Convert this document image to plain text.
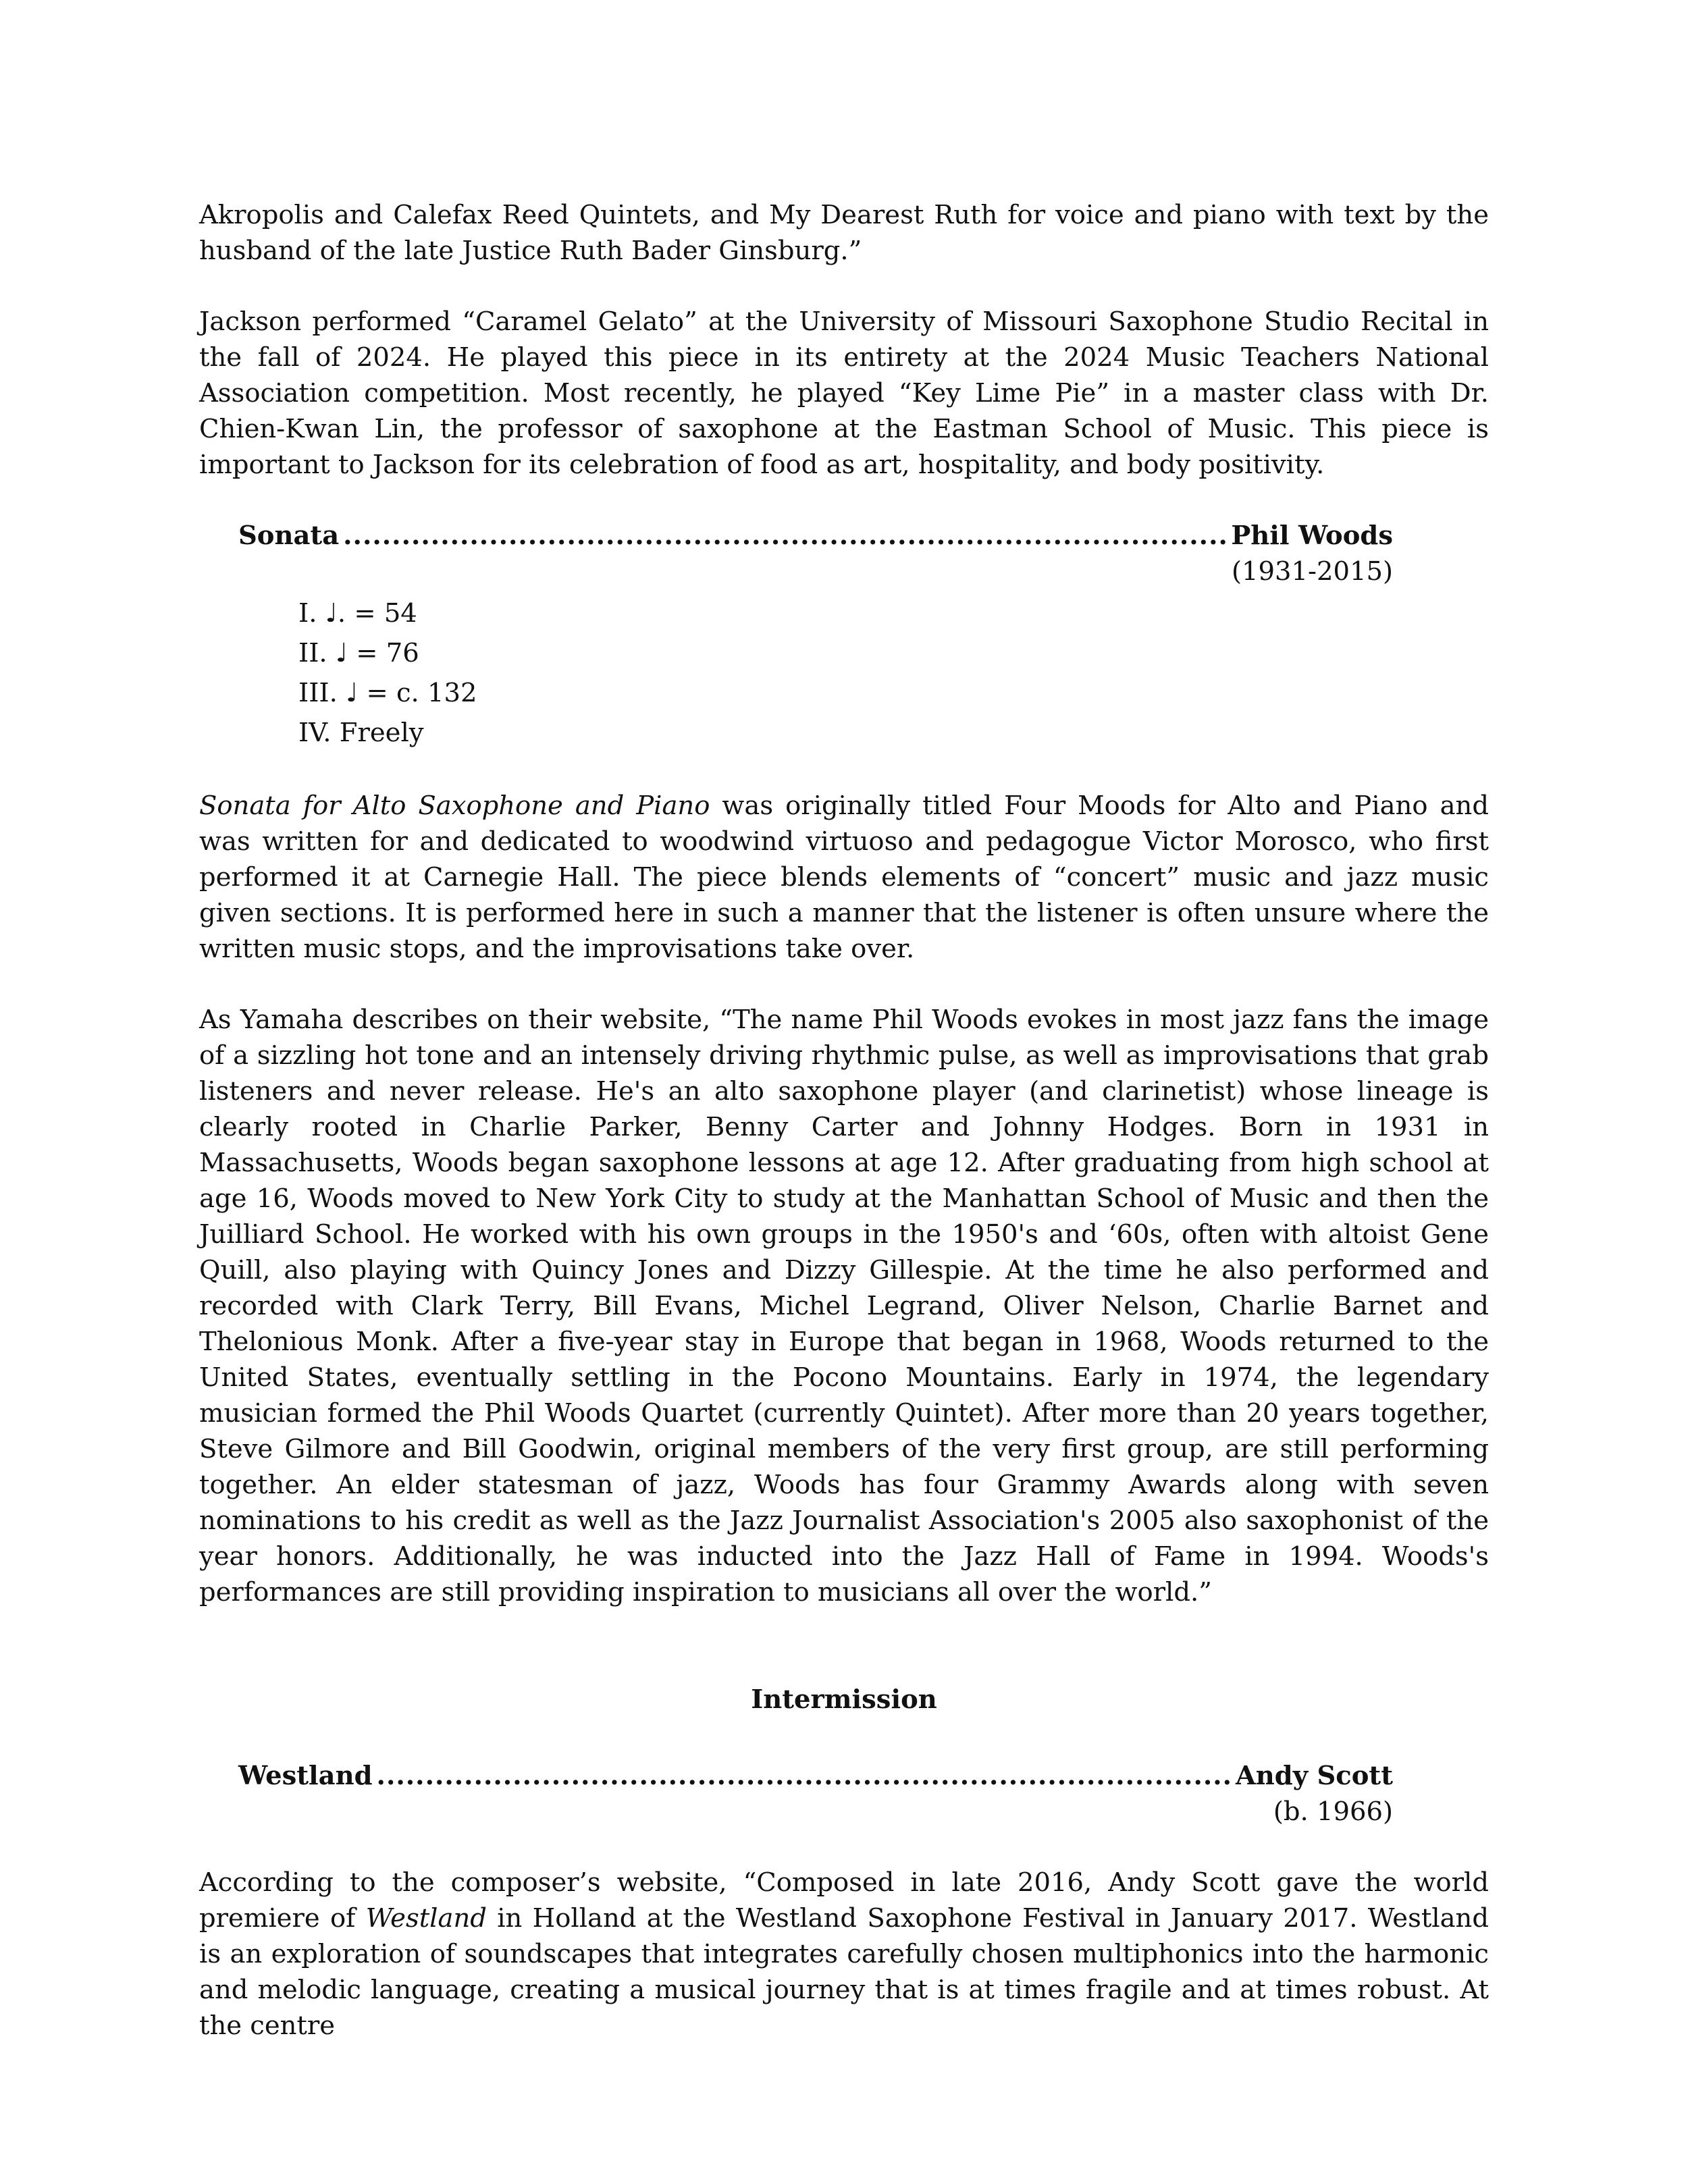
Akropolis and Calefax Reed Quintets, and My Dearest Ruth for voice and piano with text by the husband of the late Justice Ruth Bader Ginsburg.”

Jackson performed “Caramel Gelato” at the University of Missouri Saxophone Studio Recital in the fall of 2024. He played this piece in its entirety at the 2024 Music Teachers National Association competition. Most recently, he played “Key Lime Pie” in a master class with Dr. Chien-Kwan Lin, the professor of saxophone at the Eastman School of Music. This piece is important to Jackson for its celebration of food as art, hospitality, and body positivity.

Sonata .....	Phil Woods
(1931-2015)
I. ♩. = 54
II. ♩ = 76
III. ♩ = c. 132
IV. Freely

Sonata for Alto Saxophone and Piano was originally titled Four Moods for Alto and Piano and was written for and dedicated to woodwind virtuoso and pedagogue Victor Morosco, who first performed it at Carnegie Hall. The piece blends elements of “concert” music and jazz music given sections. It is performed here in such a manner that the listener is often unsure where the written music stops, and the improvisations take over.

As Yamaha describes on their website, “The name Phil Woods evokes in most jazz fans the image of a sizzling hot tone and an intensely driving rhythmic pulse, as well as improvisations that grab listeners and never release. He's an alto saxophone player (and clarinetist) whose lineage is clearly rooted in Charlie Parker, Benny Carter and Johnny Hodges. Born in 1931 in Massachusetts, Woods began saxophone lessons at age 12. After graduating from high school at age 16, Woods moved to New York City to study at the Manhattan School of Music and then the Juilliard School. He worked with his own groups in the 1950's and ‘60s, often with altoist Gene Quill, also playing with Quincy Jones and Dizzy Gillespie. At the time he also performed and recorded with Clark Terry, Bill Evans, Michel Legrand, Oliver Nelson, Charlie Barnet and Thelonious Monk. After a five-year stay in Europe that began in 1968, Woods returned to the United States, eventually settling in the Pocono Mountains. Early in 1974, the legendary musician formed the Phil Woods Quartet (currently Quintet). After more than 20 years together, Steve Gilmore and Bill Goodwin, original members of the very first group, are still performing together. An elder statesman of jazz, Woods has four Grammy Awards along with seven nominations to his credit as well as the Jazz Journalist Association's 2005 also saxophonist of the year honors. Additionally, he was inducted into the Jazz Hall of Fame in 1994. Woods's performances are still providing inspiration to musicians all over the world.”

Intermission
Westland .....	Andy Scott
(b. 1966)

According to the composer’s website, “Composed in late 2016, Andy Scott gave the world premiere of Westland in Holland at the Westland Saxophone Festival in January 2017. Westland is an exploration of soundscapes that integrates carefully chosen multiphonics into the harmonic and melodic language, creating a musical journey that is at times fragile and at times robust. At the centre
